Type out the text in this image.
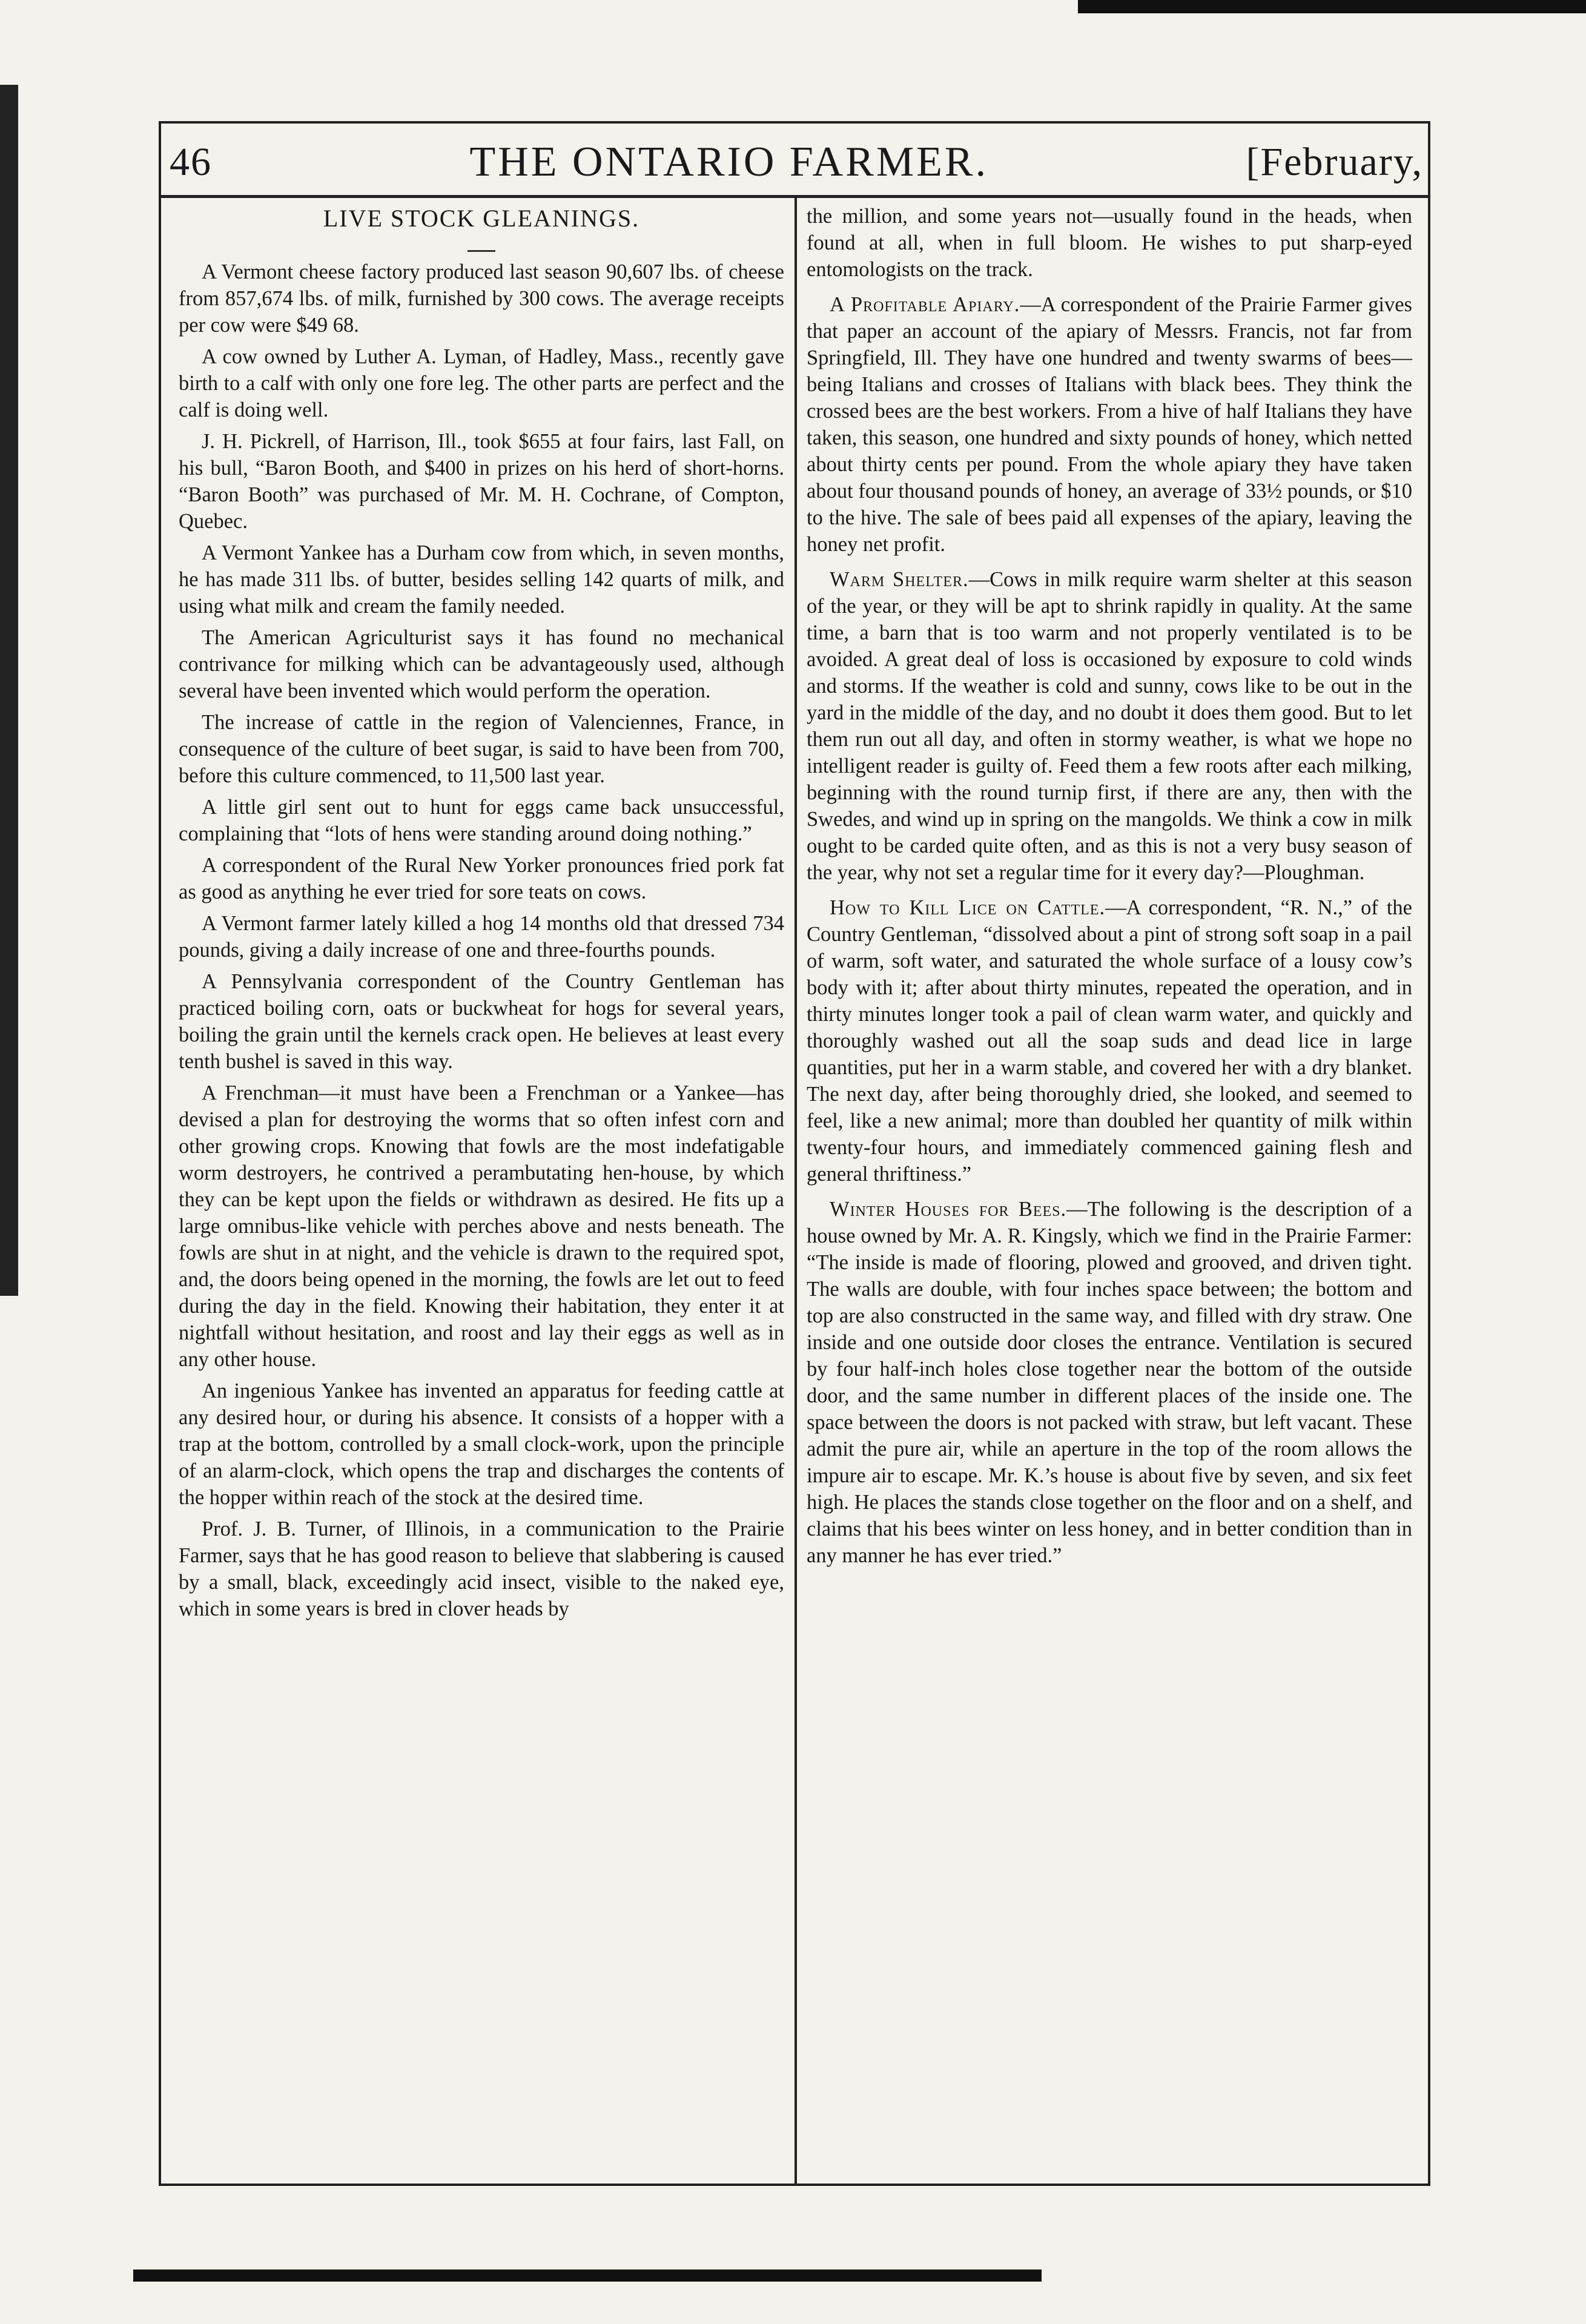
46	THE ONTARIO FARMER.	[February,
LIVE STOCK GLEANINGS.

A Vermont cheese factory produced last season 90,607 lbs. of cheese from 857,674 lbs. of milk, furnished by 300 cows. The average receipts per cow were $49 68.

A cow owned by Luther A. Lyman, of Hadley, Mass., recently gave birth to a calf with only one fore leg. The other parts are perfect and the calf is doing well.

J. H. Pickrell, of Harrison, Ill., took $655 at four fairs, last Fall, on his bull, “Baron Booth, and $400 in prizes on his herd of short-horns. “Baron Booth” was purchased of Mr. M. H. Cochrane, of Compton, Quebec.

A Vermont Yankee has a Durham cow from which, in seven months, he has made 311 lbs. of butter, besides selling 142 quarts of milk, and using what milk and cream the family needed.

The American Agriculturist says it has found no mechanical contrivance for milking which can be advantageously used, although several have been invented which would perform the operation.

The increase of cattle in the region of Valenciennes, France, in consequence of the culture of beet sugar, is said to have been from 700, before this culture commenced, to 11,500 last year.

A little girl sent out to hunt for eggs came back unsuccessful, complaining that “lots of hens were standing around doing nothing.”

A correspondent of the Rural New Yorker pronounces fried pork fat as good as anything he ever tried for sore teats on cows.

A Vermont farmer lately killed a hog 14 months old that dressed 734 pounds, giving a daily increase of one and three-fourths pounds.

A Pennsylvania correspondent of the Country Gentleman has practiced boiling corn, oats or buckwheat for hogs for several years, boiling the grain until the kernels crack open. He believes at least every tenth bushel is saved in this way.

A Frenchman—it must have been a Frenchman or a Yankee—has devised a plan for destroying the worms that so often infest corn and other growing crops. Knowing that fowls are the most indefatigable worm destroyers, he contrived a perambutating hen-house, by which they can be kept upon the fields or withdrawn as desired. He fits up a large omnibus-like vehicle with perches above and nests beneath. The fowls are shut in at night, and the vehicle is drawn to the required spot, and, the doors being opened in the morning, the fowls are let out to feed during the day in the field. Knowing their habitation, they enter it at nightfall without hesitation, and roost and lay their eggs as well as in any other house.

An ingenious Yankee has invented an apparatus for feeding cattle at any desired hour, or during his absence. It consists of a hopper with a trap at the bottom, controlled by a small clock-work, upon the principle of an alarm-clock, which opens the trap and discharges the contents of the hopper within reach of the stock at the desired time.

Prof. J. B. Turner, of Illinois, in a communication to the Prairie Farmer, says that he has good reason to believe that slabbering is caused by a small, black, exceedingly acid insect, visible to the naked eye, which in some years is bred in clover heads by

the million, and some years not—usually found in the heads, when found at all, when in full bloom. He wishes to put sharp-eyed entomologists on the track.

A Profitable Apiary.—A correspondent of the Prairie Farmer gives that paper an account of the apiary of Messrs. Francis, not far from Springfield, Ill. They have one hundred and twenty swarms of bees—being Italians and crosses of Italians with black bees. They think the crossed bees are the best workers. From a hive of half Italians they have taken, this season, one hundred and sixty pounds of honey, which netted about thirty cents per pound. From the whole apiary they have taken about four thousand pounds of honey, an average of 33½ pounds, or $10 to the hive. The sale of bees paid all expenses of the apiary, leaving the honey net profit.

Warm Shelter.—Cows in milk require warm shelter at this season of the year, or they will be apt to shrink rapidly in quality. At the same time, a barn that is too warm and not properly ventilated is to be avoided. A great deal of loss is occasioned by exposure to cold winds and storms. If the weather is cold and sunny, cows like to be out in the yard in the middle of the day, and no doubt it does them good. But to let them run out all day, and often in stormy weather, is what we hope no intelligent reader is guilty of. Feed them a few roots after each milking, beginning with the round turnip first, if there are any, then with the Swedes, and wind up in spring on the mangolds. We think a cow in milk ought to be carded quite often, and as this is not a very busy season of the year, why not set a regular time for it every day?—Ploughman.

How to Kill Lice on Cattle.—A correspondent, “R. N.,” of the Country Gentleman, “dissolved about a pint of strong soft soap in a pail of warm, soft water, and saturated the whole surface of a lousy cow’s body with it; after about thirty minutes, repeated the operation, and in thirty minutes longer took a pail of clean warm water, and quickly and thoroughly washed out all the soap suds and dead lice in large quantities, put her in a warm stable, and covered her with a dry blanket. The next day, after being thoroughly dried, she looked, and seemed to feel, like a new animal; more than doubled her quantity of milk within twenty-four hours, and immediately commenced gaining flesh and general thriftiness.”

Winter Houses for Bees.—The following is the description of a house owned by Mr. A. R. Kingsly, which we find in the Prairie Farmer: “The inside is made of flooring, plowed and grooved, and driven tight. The walls are double, with four inches space between; the bottom and top are also constructed in the same way, and filled with dry straw. One inside and one outside door closes the entrance. Ventilation is secured by four half-inch holes close together near the bottom of the outside door, and the same number in different places of the inside one. The space between the doors is not packed with straw, but left vacant. These admit the pure air, while an aperture in the top of the room allows the impure air to escape. Mr. K.’s house is about five by seven, and six feet high. He places the stands close together on the floor and on a shelf, and claims that his bees winter on less honey, and in better condition than in any manner he has ever tried.”
